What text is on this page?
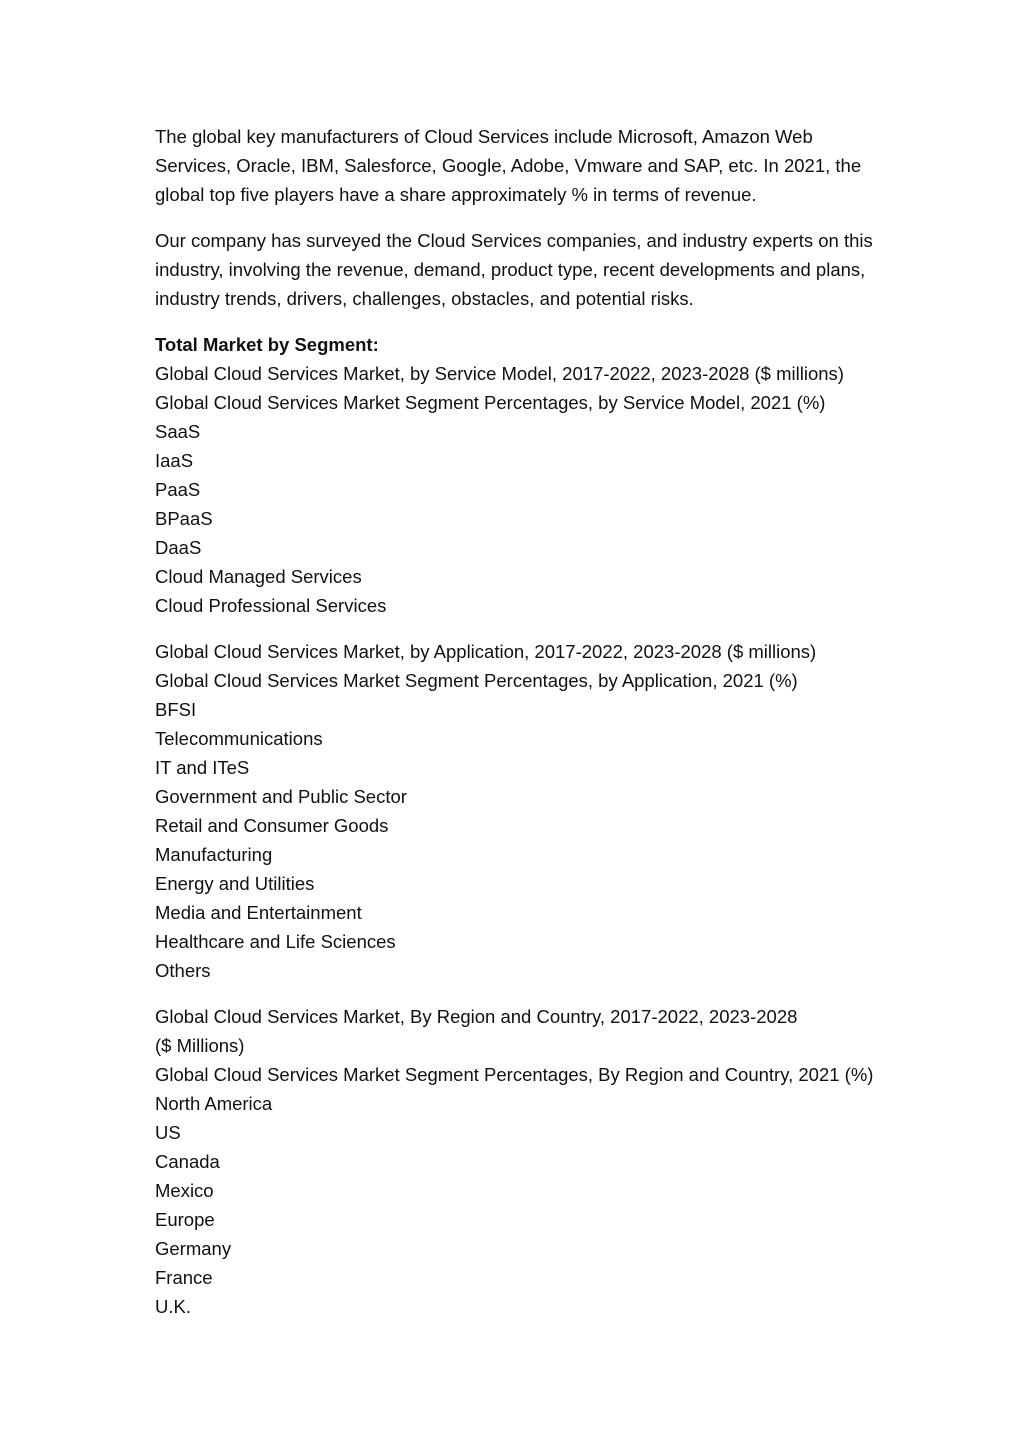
The global key manufacturers of Cloud Services include Microsoft, Amazon Web Services, Oracle, IBM, Salesforce, Google, Adobe, Vmware and SAP, etc. In 2021, the global top five players have a share approximately % in terms of revenue.

Our company has surveyed the Cloud Services companies, and industry experts on this industry, involving the revenue, demand, product type, recent developments and plans, industry trends, drivers, challenges, obstacles, and potential risks.

Total Market by Segment:
Global Cloud Services Market, by Service Model, 2017-2022, 2023-2028 ($ millions)
Global Cloud Services Market Segment Percentages, by Service Model, 2021 (%)
SaaS
IaaS
PaaS
BPaaS
DaaS
Cloud Managed Services
Cloud Professional Services
Global Cloud Services Market, by Application, 2017-2022, 2023-2028 ($ millions)
Global Cloud Services Market Segment Percentages, by Application, 2021 (%)
BFSI
Telecommunications
IT and ITeS
Government and Public Sector
Retail and Consumer Goods
Manufacturing
Energy and Utilities
Media and Entertainment
Healthcare and Life Sciences
Others
Global Cloud Services Market, By Region and Country, 2017-2022, 2023-2028
($ Millions)
Global Cloud Services Market Segment Percentages, By Region and Country, 2021 (%)
North America
US
Canada
Mexico
Europe
Germany
France
U.K.
